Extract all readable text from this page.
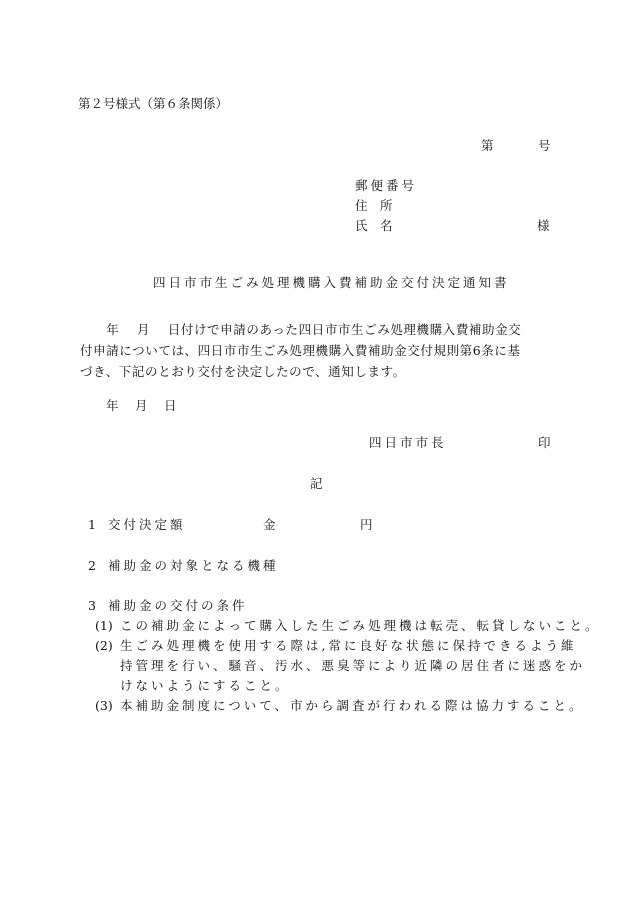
第２号様式（第６条関係）
第	号
郵便番号
住　所
氏　名	様
四日市市生ごみ処理機購入費補助金交付決定通知書
　　年　 月　 日付けで申請のあった四日市市生ごみ処理機購入費補助金交
付申請については、四日市市生ごみ処理機購入費補助金交付規則第6条に基
づき、下記のとおり交付を決定したので、通知します。
年 月 日
四日市市長	印
記
1 交付決定額	金	円
2 補助金の対象となる機種
3 補助金の交付の条件
(1) この補助金によって購入した生ごみ処理機は転売、転貸しないこと。
(2) 生ごみ処理機を使用する際は,常に良好な状態に保持できるよう維
持管理を行い、騒音、汚水、悪臭等により近隣の居住者に迷惑をか
けないようにすること。
(3) 本補助金制度について、市から調査が行われる際は協力すること。
